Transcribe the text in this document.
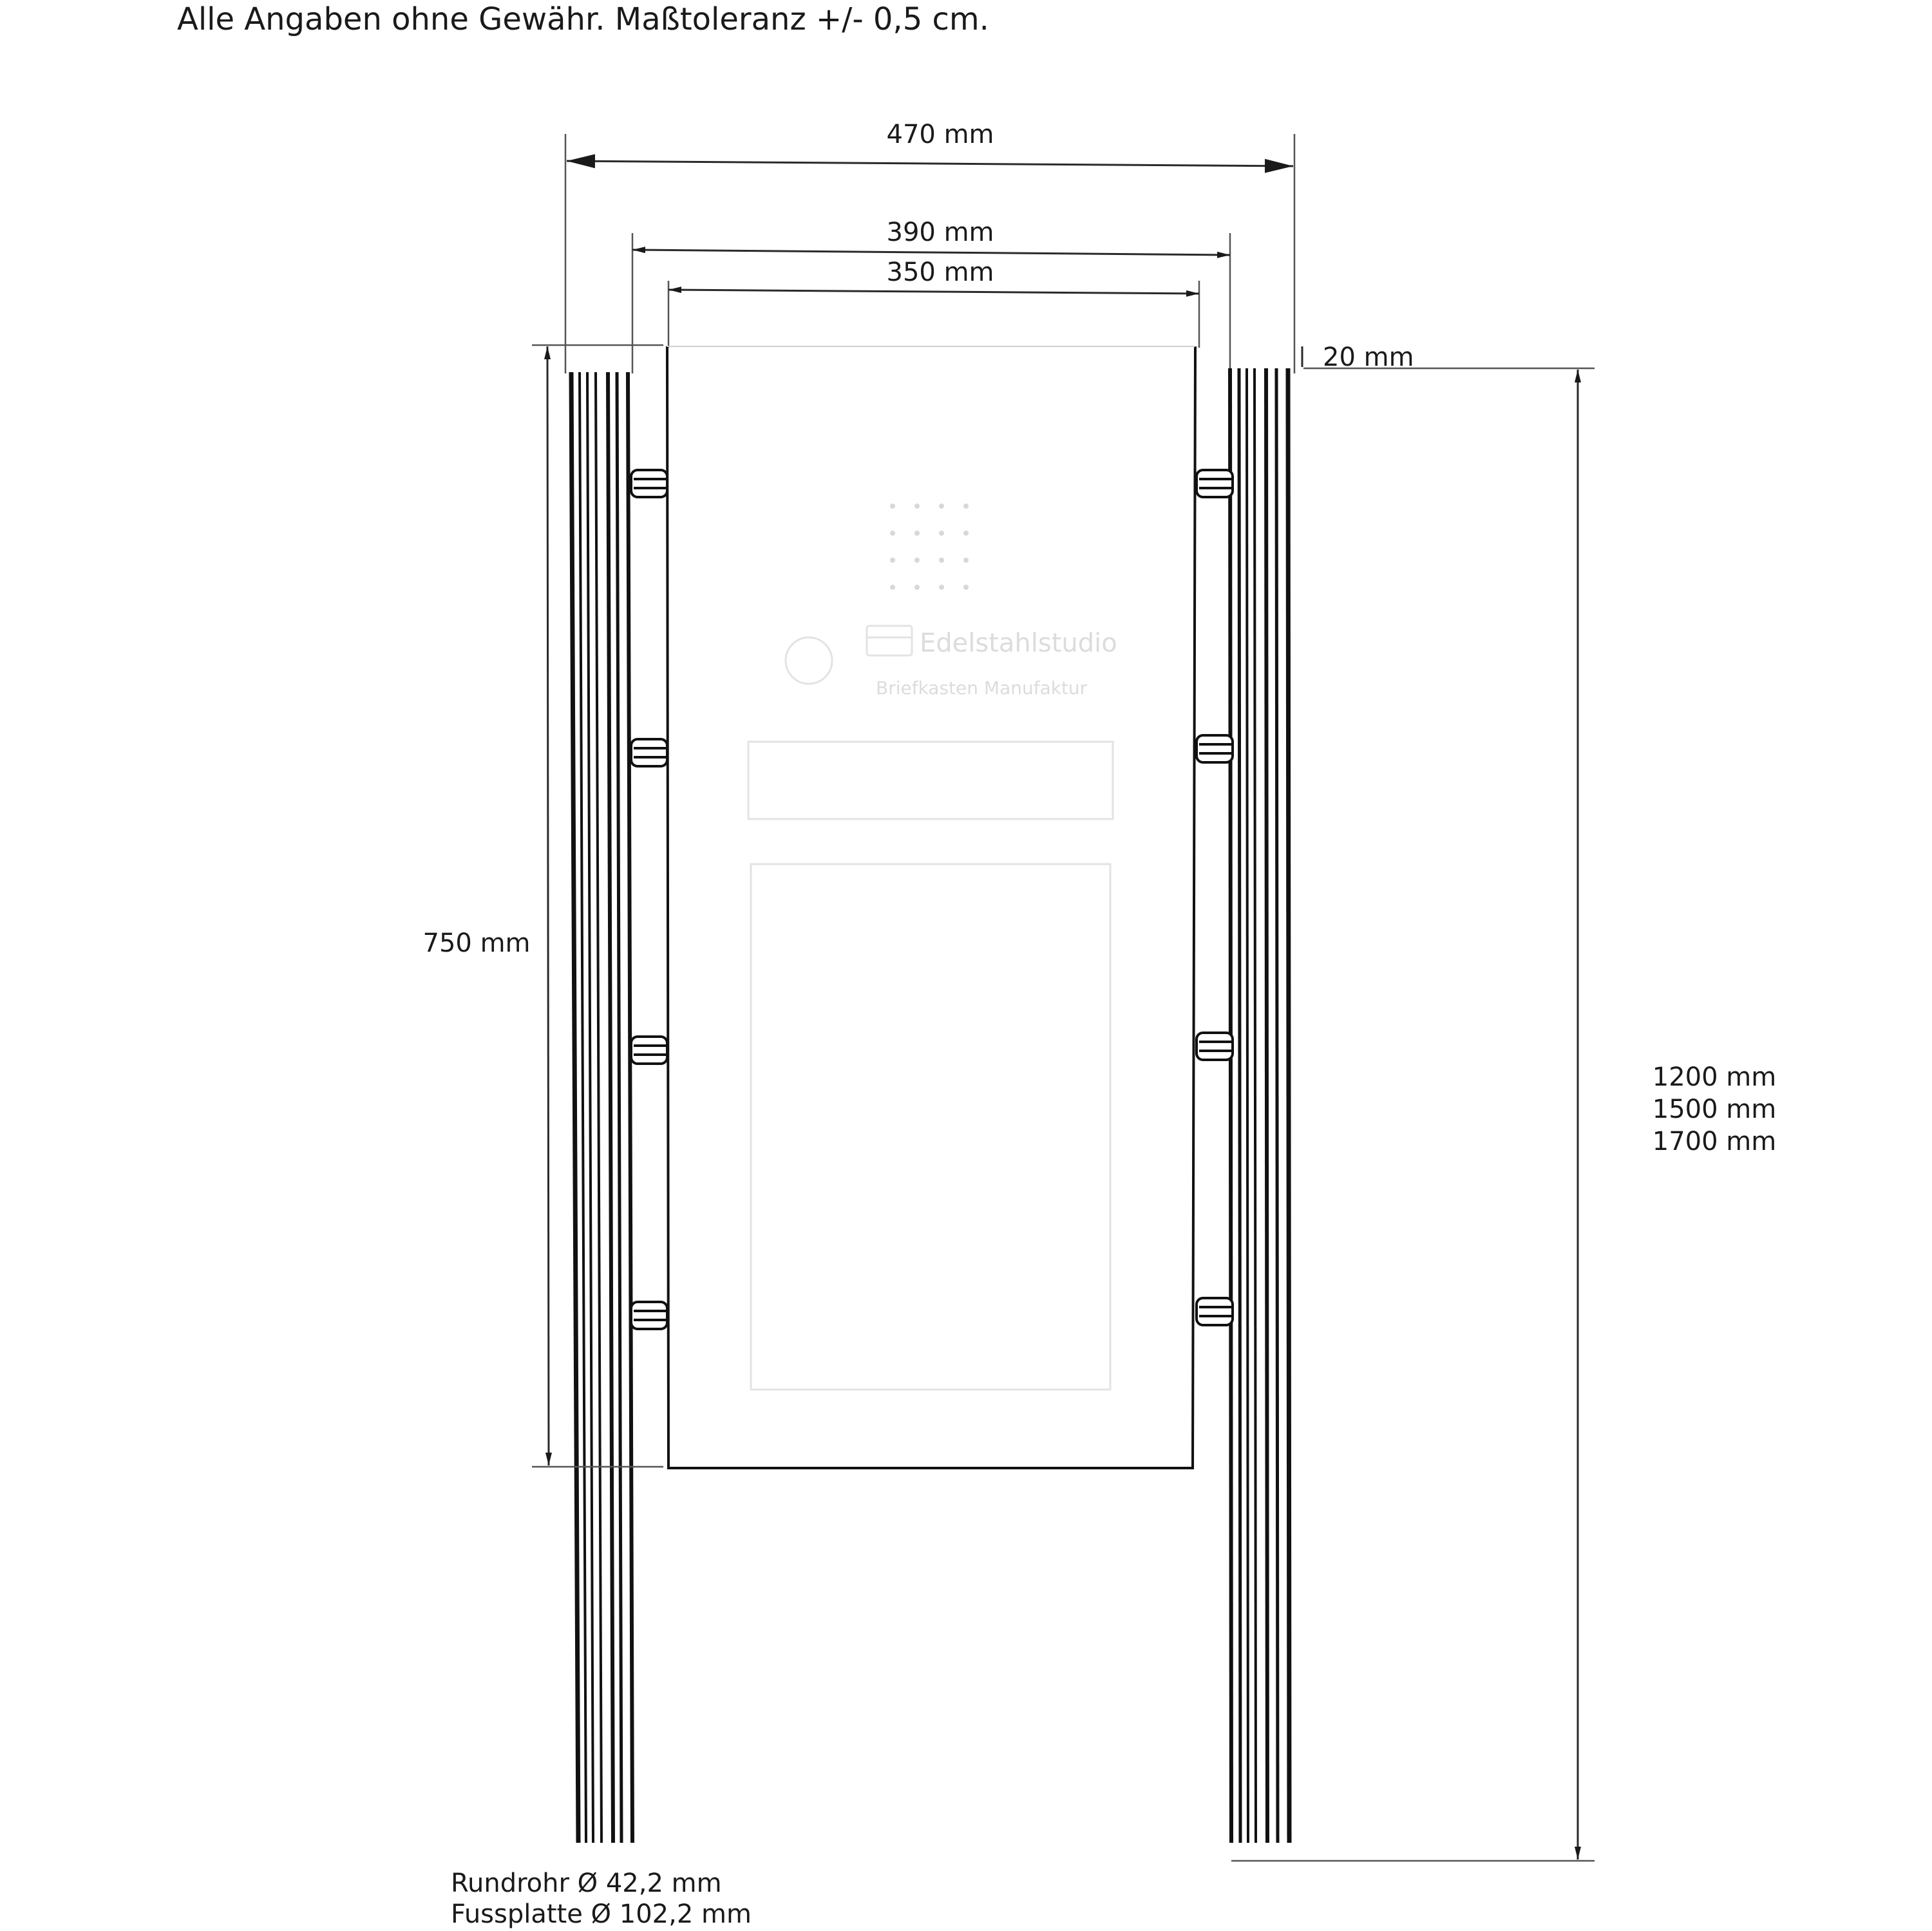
Alle Angaben ohne Gewähr. Maßtoleranz +/- 0,5 cm.
470 mm
390 mm
350 mm
20 mm
Edelstahlstudio
Briefkasten Manufaktur
750 mm
1200 mm
1500 mm
1700 mm
Rundrohr Ø 42,2 mm
Fussplatte Ø 102,2 mm
